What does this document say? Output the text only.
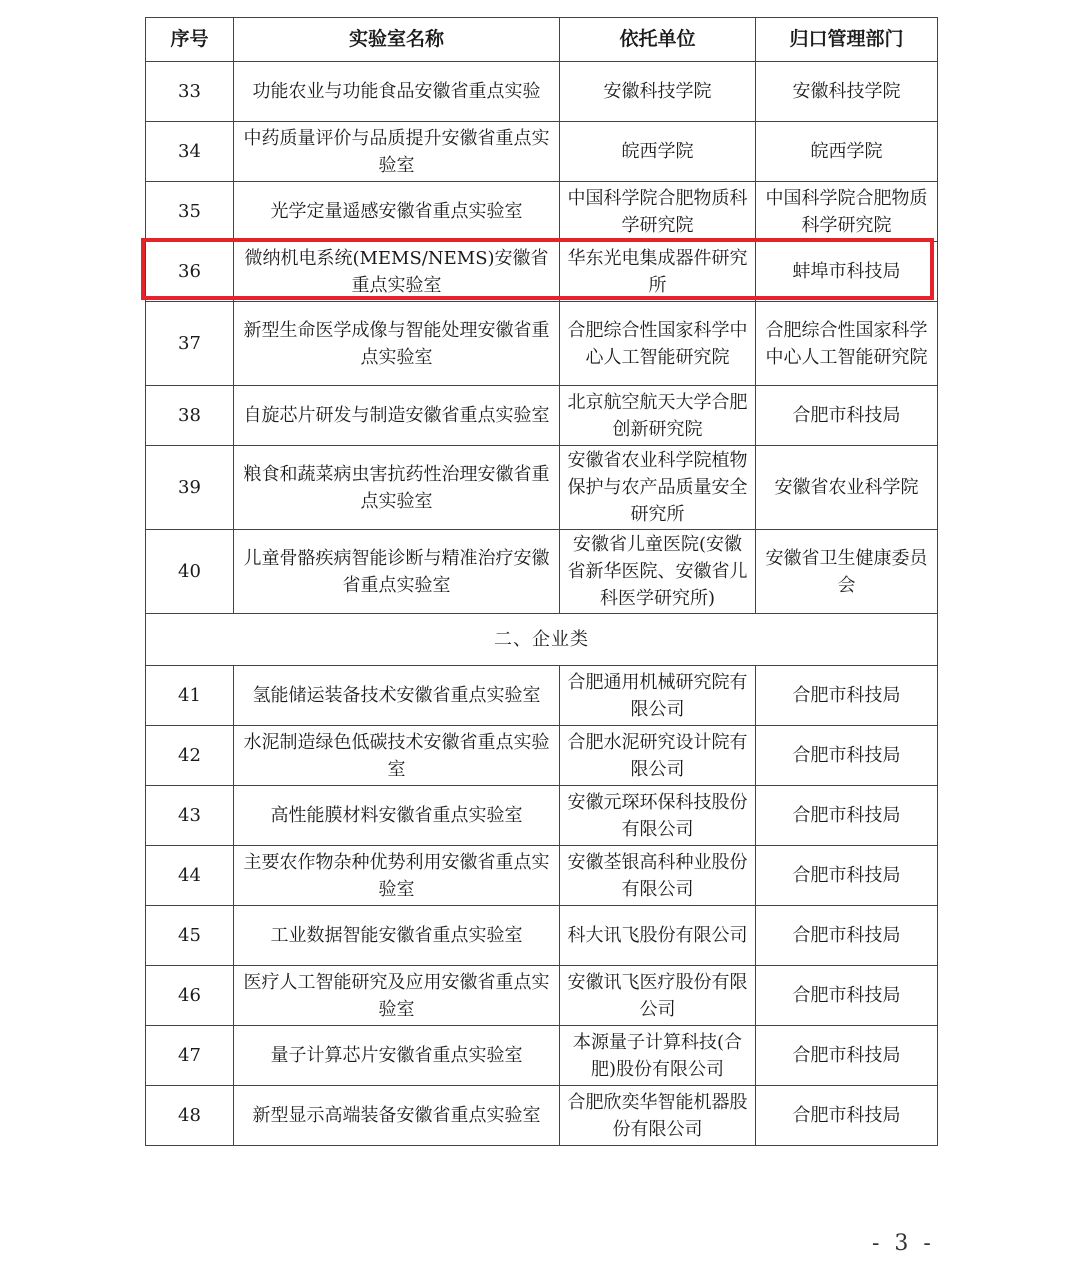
序号	实验室名称	依托单位	归口管理部门
33	功能农业与功能食品安徽省重点实验	安徽科技学院	安徽科技学院
34	中药质量评价与品质提升安徽省重点实验室	皖西学院	皖西学院
35	光学定量遥感安徽省重点实验室	中国科学院合肥物质科学研究院	中国科学院合肥物质科学研究院
36	微纳机电系统(MEMS/NEMS)安徽省重点实验室	华东光电集成器件研究所	蚌埠市科技局
37	新型生命医学成像与智能处理安徽省重点实验室	合肥综合性国家科学中心人工智能研究院	合肥综合性国家科学中心人工智能研究院
38	自旋芯片研发与制造安徽省重点实验室	北京航空航天大学合肥创新研究院	合肥市科技局
39	粮食和蔬菜病虫害抗药性治理安徽省重点实验室	安徽省农业科学院植物保护与农产品质量安全研究所	安徽省农业科学院
40	儿童骨骼疾病智能诊断与精准治疗安徽省重点实验室	安徽省儿童医院(安徽省新华医院、安徽省儿科医学研究所)	安徽省卫生健康委员会
二、企业类			
41	氢能储运装备技术安徽省重点实验室	合肥通用机械研究院有限公司	合肥市科技局
42	水泥制造绿色低碳技术安徽省重点实验室	合肥水泥研究设计院有限公司	合肥市科技局
43	高性能膜材料安徽省重点实验室	安徽元琛环保科技股份有限公司	合肥市科技局
44	主要农作物杂种优势利用安徽省重点实验室	安徽荃银高科种业股份有限公司	合肥市科技局
45	工业数据智能安徽省重点实验室	科大讯飞股份有限公司	合肥市科技局
46	医疗人工智能研究及应用安徽省重点实验室	安徽讯飞医疗股份有限公司	合肥市科技局
47	量子计算芯片安徽省重点实验室	本源量子计算科技(合肥)股份有限公司	合肥市科技局
48	新型显示高端装备安徽省重点实验室	合肥欣奕华智能机器股份有限公司	合肥市科技局
- 3 -
